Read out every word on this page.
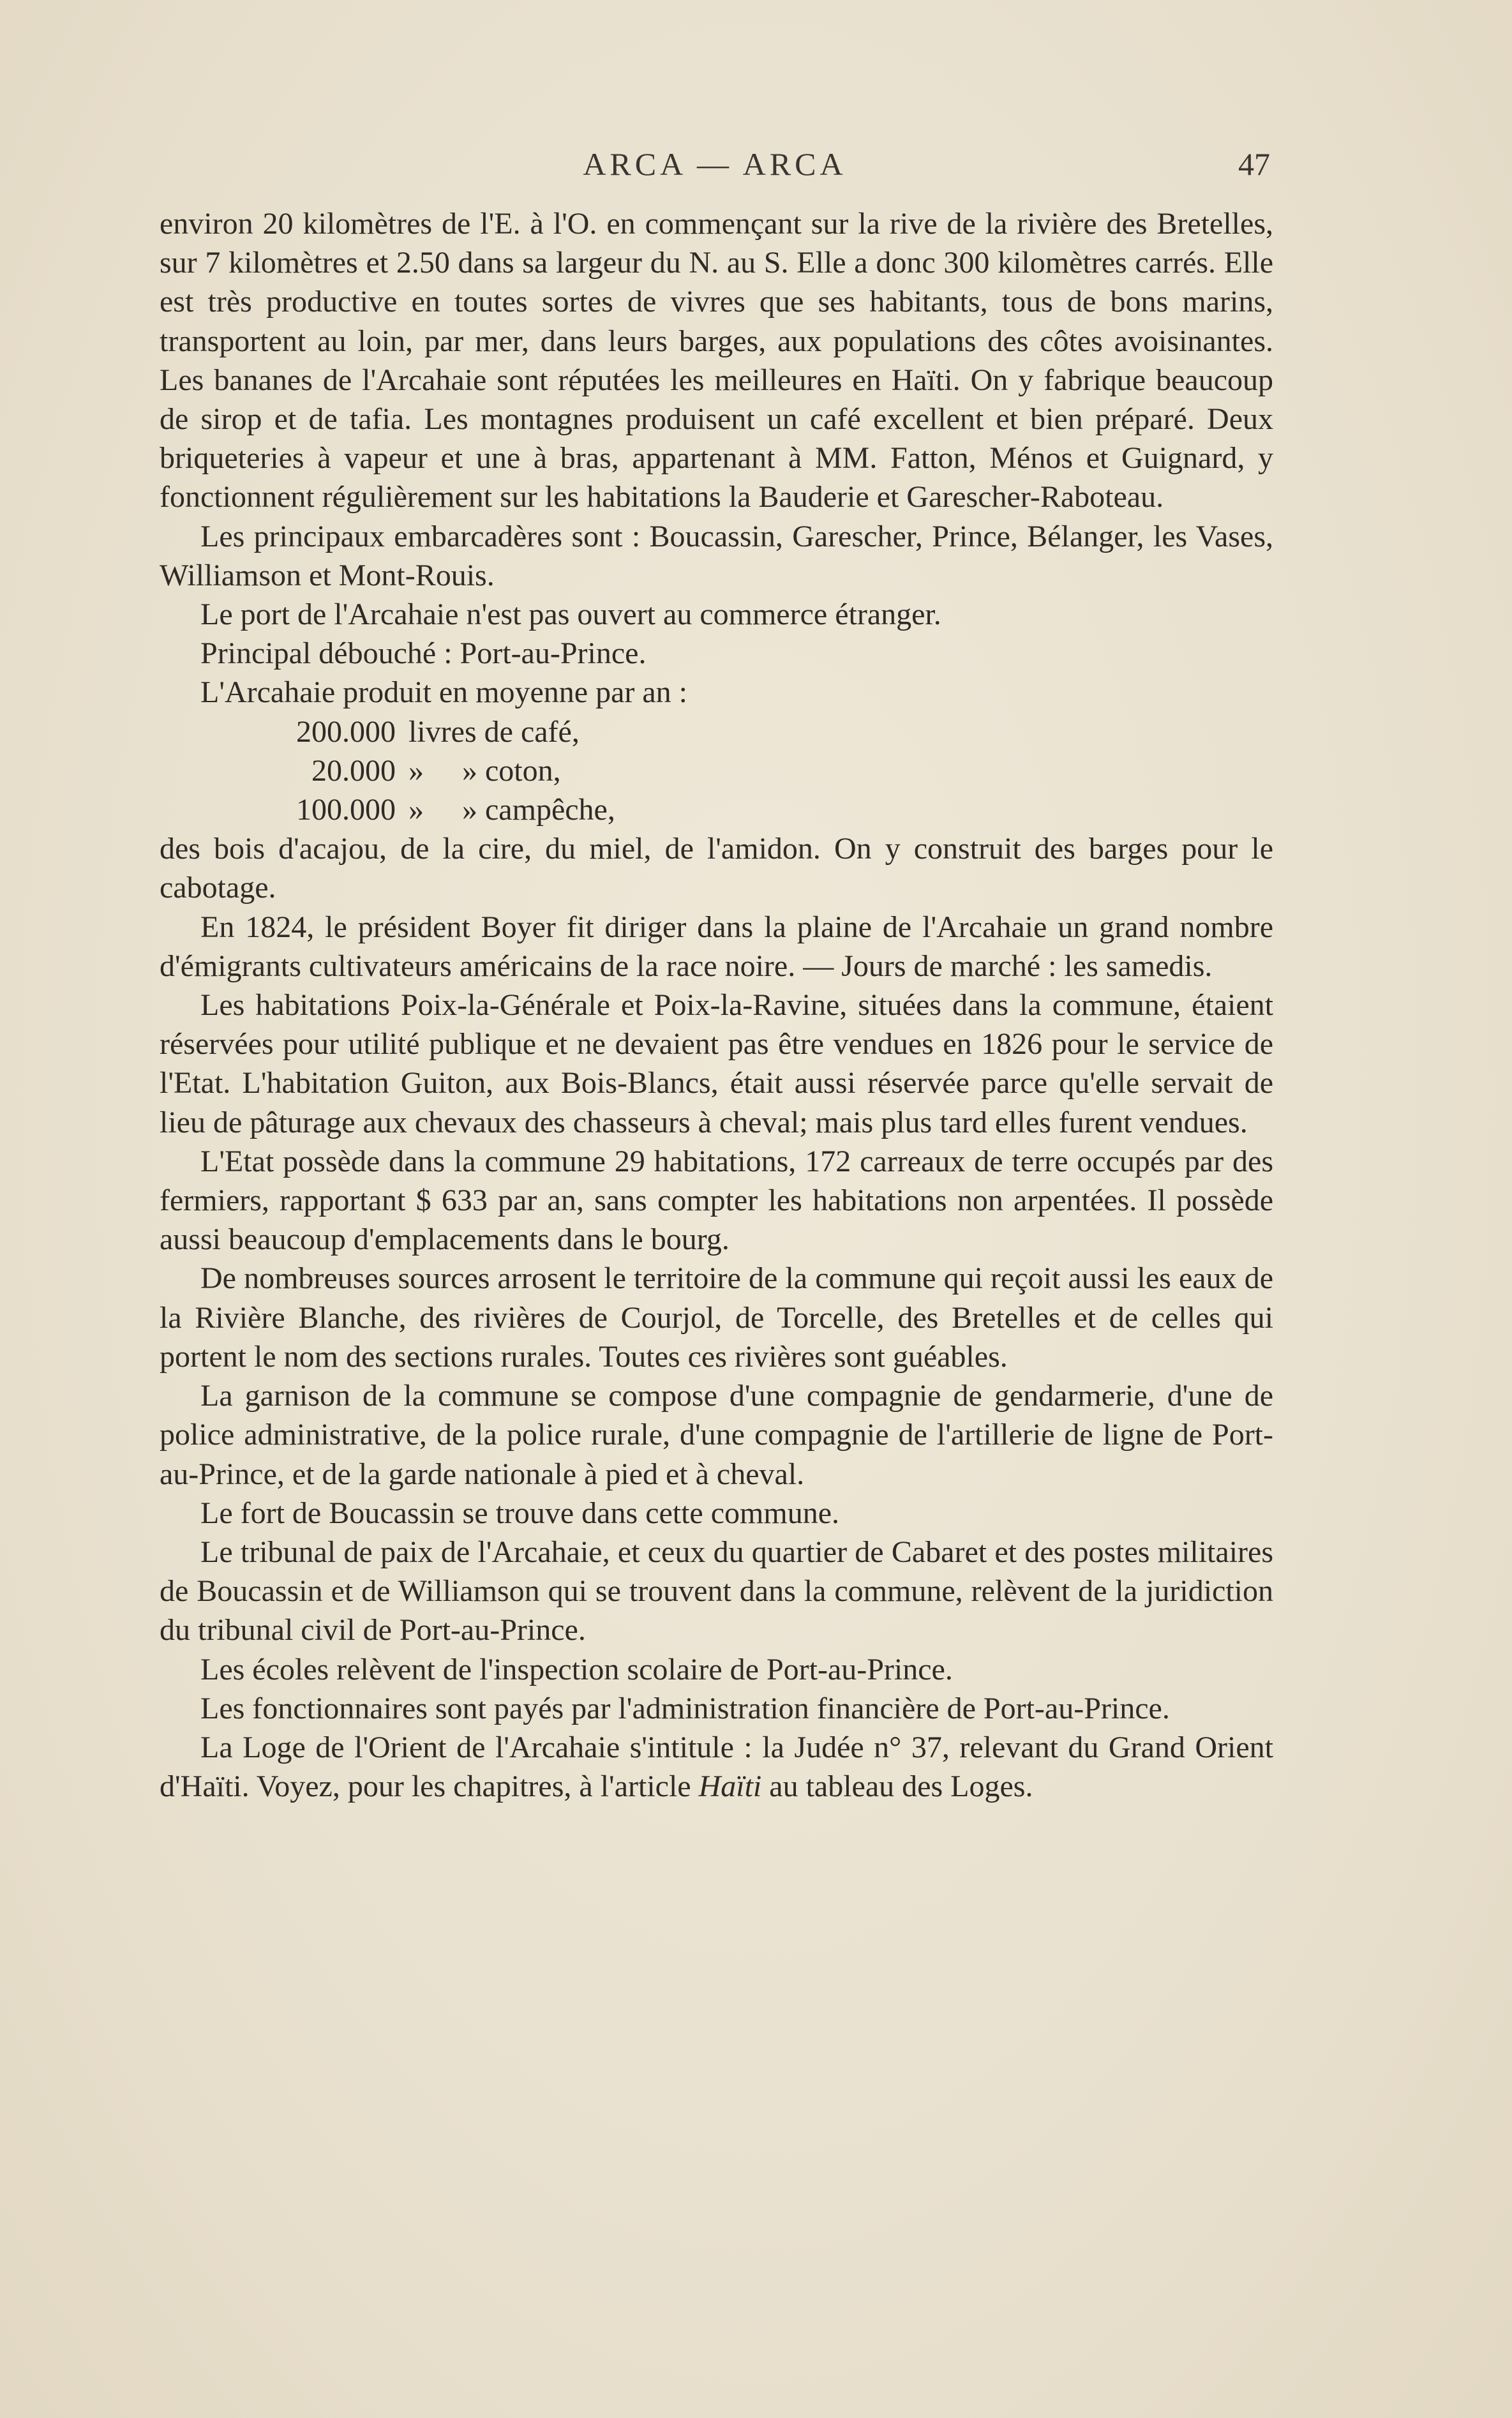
ARCA — ARCA	47

environ 20 kilomètres de l'E. à l'O. en commençant sur la rive de la rivière des Bretelles, sur 7 kilomètres et 2.50 dans sa largeur du N. au S. Elle a donc 300 kilomètres carrés. Elle est très productive en toutes sortes de vivres que ses habitants, tous de bons marins, transportent au loin, par mer, dans leurs barges, aux populations des côtes avoisinantes. Les bananes de l'Arcahaie sont réputées les meilleures en Haïti. On y fabrique beaucoup de sirop et de tafia. Les montagnes produisent un café excellent et bien préparé. Deux briqueteries à vapeur et une à bras, appartenant à MM. Fatton, Ménos et Guignard, y fonctionnent régulièrement sur les habitations la Bauderie et Garescher-Raboteau.

Les principaux embarcadères sont : Boucassin, Garescher, Prince, Bélanger, les Vases, Williamson et Mont-Rouis.

Le port de l'Arcahaie n'est pas ouvert au commerce étranger.

Principal débouché : Port-au-Prince.

L'Arcahaie produit en moyenne par an :

200.000 livres de café,
20.000 »     » coton,
100.000 »     » campêche,

des bois d'acajou, de la cire, du miel, de l'amidon. On y construit des barges pour le cabotage.

En 1824, le président Boyer fit diriger dans la plaine de l'Arcahaie un grand nombre d'émigrants cultivateurs américains de la race noire. — Jours de marché : les samedis.

Les habitations Poix-la-Générale et Poix-la-Ravine, situées dans la commune, étaient réservées pour utilité publique et ne devaient pas être vendues en 1826 pour le service de l'Etat. L'habitation Guiton, aux Bois-Blancs, était aussi réservée parce qu'elle servait de lieu de pâturage aux chevaux des chasseurs à cheval; mais plus tard elles furent vendues.

L'Etat possède dans la commune 29 habitations, 172 carreaux de terre occupés par des fermiers, rapportant $ 633 par an, sans compter les habitations non arpentées. Il possède aussi beaucoup d'emplacements dans le bourg.

De nombreuses sources arrosent le territoire de la commune qui reçoit aussi les eaux de la Rivière Blanche, des rivières de Courjol, de Torcelle, des Bretelles et de celles qui portent le nom des sections rurales. Toutes ces rivières sont guéables.

La garnison de la commune se compose d'une compagnie de gendarmerie, d'une de police administrative, de la police rurale, d'une compagnie de l'artillerie de ligne de Port-au-Prince, et de la garde nationale à pied et à cheval.

Le fort de Boucassin se trouve dans cette commune.

Le tribunal de paix de l'Arcahaie, et ceux du quartier de Cabaret et des postes militaires de Boucassin et de Williamson qui se trouvent dans la commune, relèvent de la juridiction du tribunal civil de Port-au-Prince.

Les écoles relèvent de l'inspection scolaire de Port-au-Prince.

Les fonctionnaires sont payés par l'administration financière de Port-au-Prince.

La Loge de l'Orient de l'Arcahaie s'intitule : la Judée n° 37, relevant du Grand Orient d'Haïti. Voyez, pour les chapitres, à l'article Haïti au tableau des Loges.
